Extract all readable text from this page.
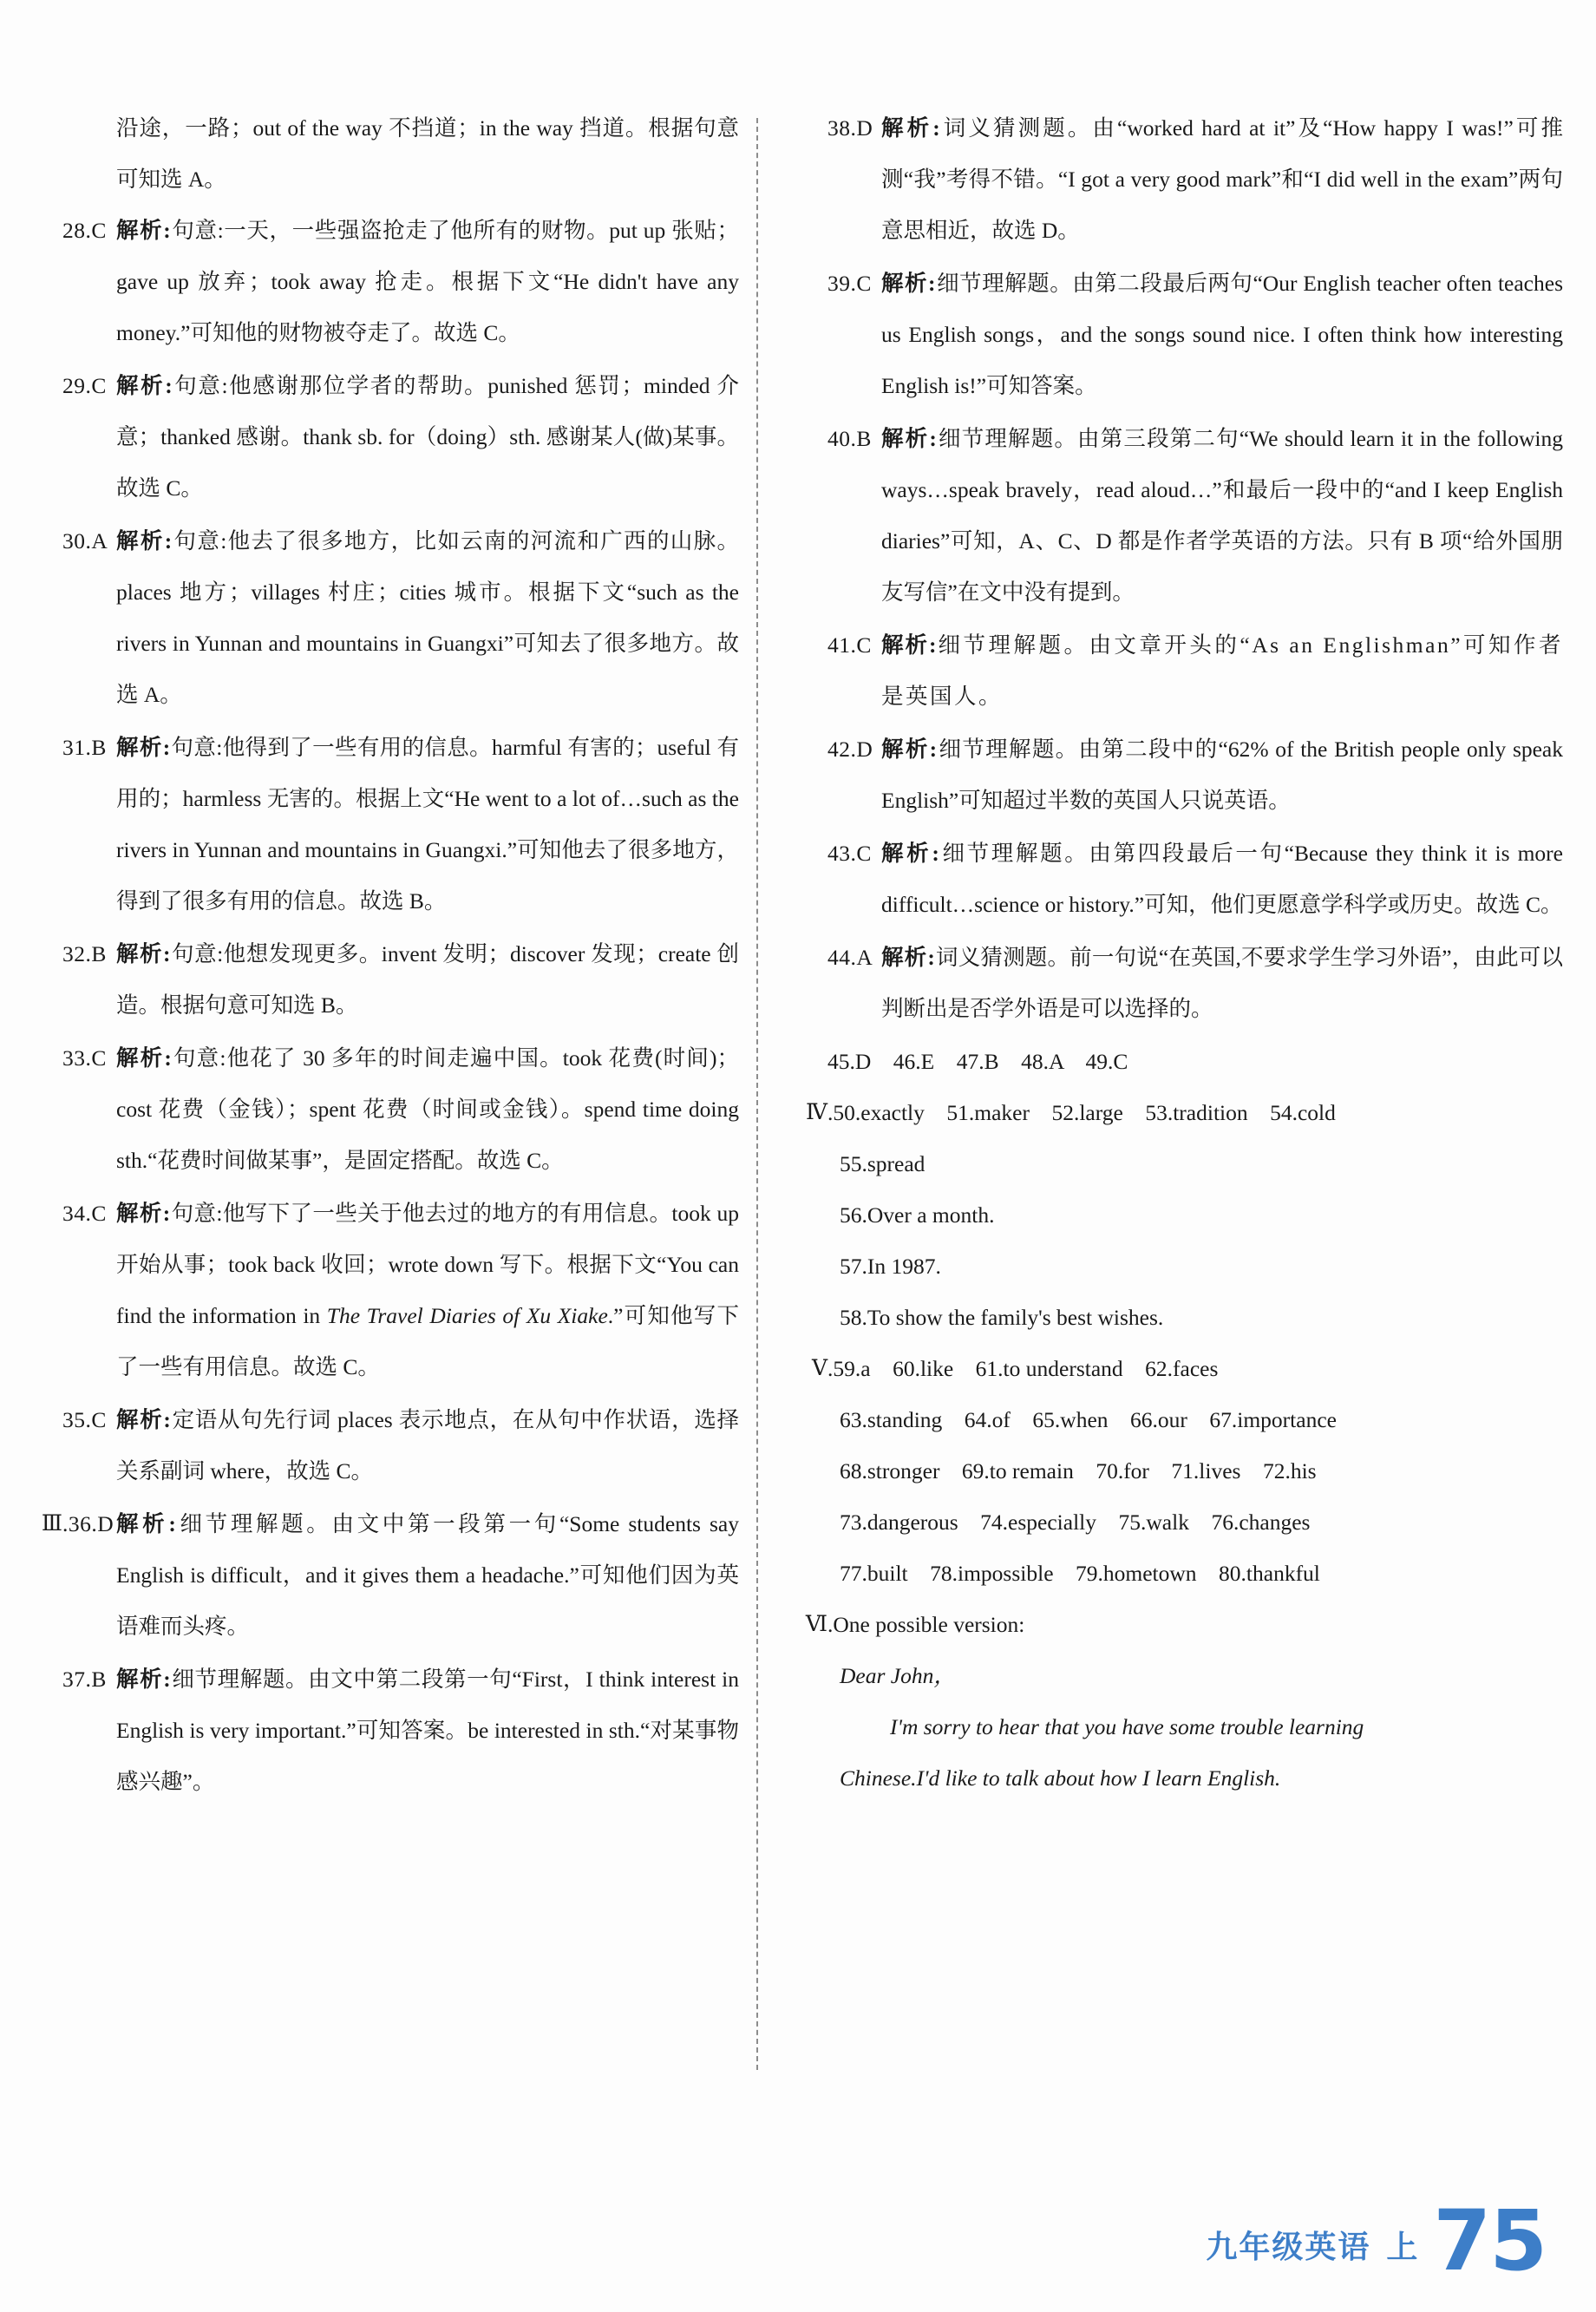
沿途，一路；out of the way 不挡道；in the way 挡道。根据句意可知选 A。
28.C 解析:句意:一天，一些强盗抢走了他所有的财物。put up 张贴；gave up 放弃；took away 抢走。根据下文“He didn't have any money.”可知他的财物被夺走了。故选 C。
29.C 解析:句意:他感谢那位学者的帮助。punished 惩罚；minded 介意；thanked 感谢。thank sb. for（doing）sth. 感谢某人(做)某事。故选 C。
30.A 解析:句意:他去了很多地方，比如云南的河流和广西的山脉。places 地方；villages 村庄；cities 城市。根据下文“such as the rivers in Yunnan and mountains in Guangxi”可知去了很多地方。故选 A。
31.B 解析:句意:他得到了一些有用的信息。harmful 有害的；useful 有用的；harmless 无害的。根据上文“He went to a lot of…such as the rivers in Yunnan and mountains in Guangxi.”可知他去了很多地方，得到了很多有用的信息。故选 B。
32.B 解析:句意:他想发现更多。invent 发明；discover 发现；create 创造。根据句意可知选 B。
33.C 解析:句意:他花了 30 多年的时间走遍中国。took 花费(时间)；cost 花费（金钱）；spent 花费（时间或金钱）。spend time doing sth.“花费时间做某事”，是固定搭配。故选 C。
34.C 解析:句意:他写下了一些关于他去过的地方的有用信息。took up 开始从事；took back 收回；wrote down 写下。根据下文“You can find the information in The Travel Diaries of Xu Xiake.”可知他写下了一些有用信息。故选 C。
35.C 解析:定语从句先行词 places 表示地点，在从句中作状语，选择关系副词 where，故选 C。
Ⅲ .36.D 解析:细节理解题。由文中第一段第一句“Some students say English is difficult，and it gives them a headache.”可知他们因为英语难而头疼。
37.B 解析:细节理解题。由文中第二段第一句“First，I think interest in English is very important.”可知答案。be interested in sth.“对某事物感兴趣”。
38.D 解析:词义猜测题。由“worked hard at it”及“How happy I was!”可推测“我”考得不错。“I got a very good mark”和“I did well in the exam”两句意思相近，故选 D。
39.C 解析:细节理解题。由第二段最后两句“Our English teacher often teaches us English songs，and the songs sound nice. I often think how interesting English is!”可知答案。
40.B 解析:细节理解题。由第三段第二句“We should learn it in the following ways…speak bravely，read aloud…”和最后一段中的“and I keep English diaries”可知，A、C、D 都是作者学英语的方法。只有 B 项“给外国朋友写信”在文中没有提到。
41.C 解析:细节理解题。由文章开头的“As an Englishman”可知作者是英国人。
42.D 解析:细节理解题。由第二段中的“62% of the British people only speak English”可知超过半数的英国人只说英语。
43.C 解析:细节理解题。由第四段最后一句“Because they think it is more difficult…science or history.”可知，他们更愿意学科学或历史。故选 C。
44.A 解析:词义猜测题。前一句说“在英国,不要求学生学习外语”，由此可以判断出是否学外语是可以选择的。
45.D　46.E　47.B　48.A　49.C
Ⅳ .50.exactly　51.maker　52.large　53.tradition　54.cold
55.spread
56.Over a month.
57.In 1987.
58.To show the family's best wishes.
Ⅴ .59.a　60.like　61.to understand　62.faces
63.standing　64.of　65.when　66.our　67.importance
68.stronger　69.to remain　70.for　71.lives　72.his
73.dangerous　74.especially　75.walk　76.changes
77.built　78.impossible　79.hometown　80.thankful
Ⅵ .One possible version:
Dear John，
I'm sorry to hear that you have some trouble learning
Chinese.I'd like to talk about how I learn English.
九年级英语 上 75
